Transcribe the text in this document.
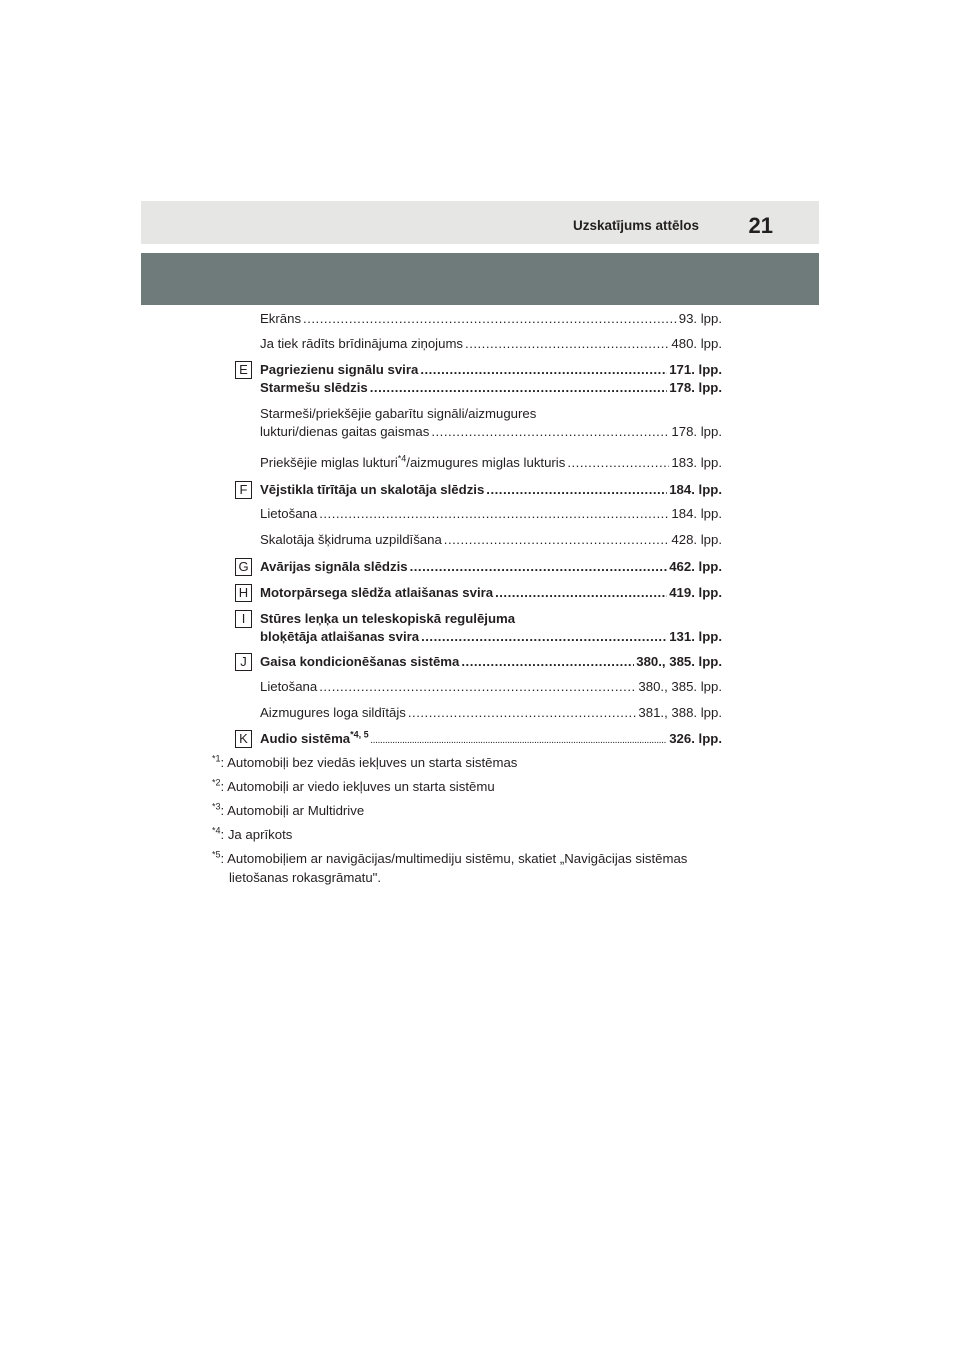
Uzskatījums attēlos 21
Ekrāns .....	93. lpp.
Ja tiek rādīts brīdinājuma ziņojums .....	480. lpp.
E Pagriezienu signālu svira .....	171. lpp.
Starmešu slēdzis .....	178. lpp.
Starmeši/priekšējie gabarītu signāli/aizmugures
lukturi/dienas gaitas gaismas .....	178. lpp.
Priekšējie miglas lukturi$^{*4}$/aizmugures miglas lukturis .....	183. lpp.
F Vējstikla tīrītāja un skalotāja slēdzis .....	184. lpp.
Lietošana .....	184. lpp.
Skalotāja šķidruma uzpildīšana .....	428. lpp.
G Avārijas signāla slēdzis .....	462. lpp.
H Motorpārsega slēdža atlaišanas svira .....	419. lpp.
I	Stūres leņķa un teleskopiskā regulējuma
bloķētāja atlaišanas svira .....	131. lpp.
J	Gaisa kondicionēšanas sistēma .....	380., 385. lpp.
Lietošana .....	380., 385. lpp.
Aizmugures loga sildītājs .....	381., 388. lpp.
K Audio sistēma$^{*4, 5}$ .....	326. lpp.
$^{*1}$: Automobiļi bez viedās iekļuves un starta sistēmas
$^{*2}$: Automobiļi ar viedo iekļuves un starta sistēmu
$^{*3}$: Automobiļi ar Multidrive
$^{*4}$: Ja aprīkots
$^{*5}$: Automobiļiem ar navigācijas/multimediju sistēmu, skatiet „Navigācijas sistēmas
lietošanas rokasgrāmatu".
